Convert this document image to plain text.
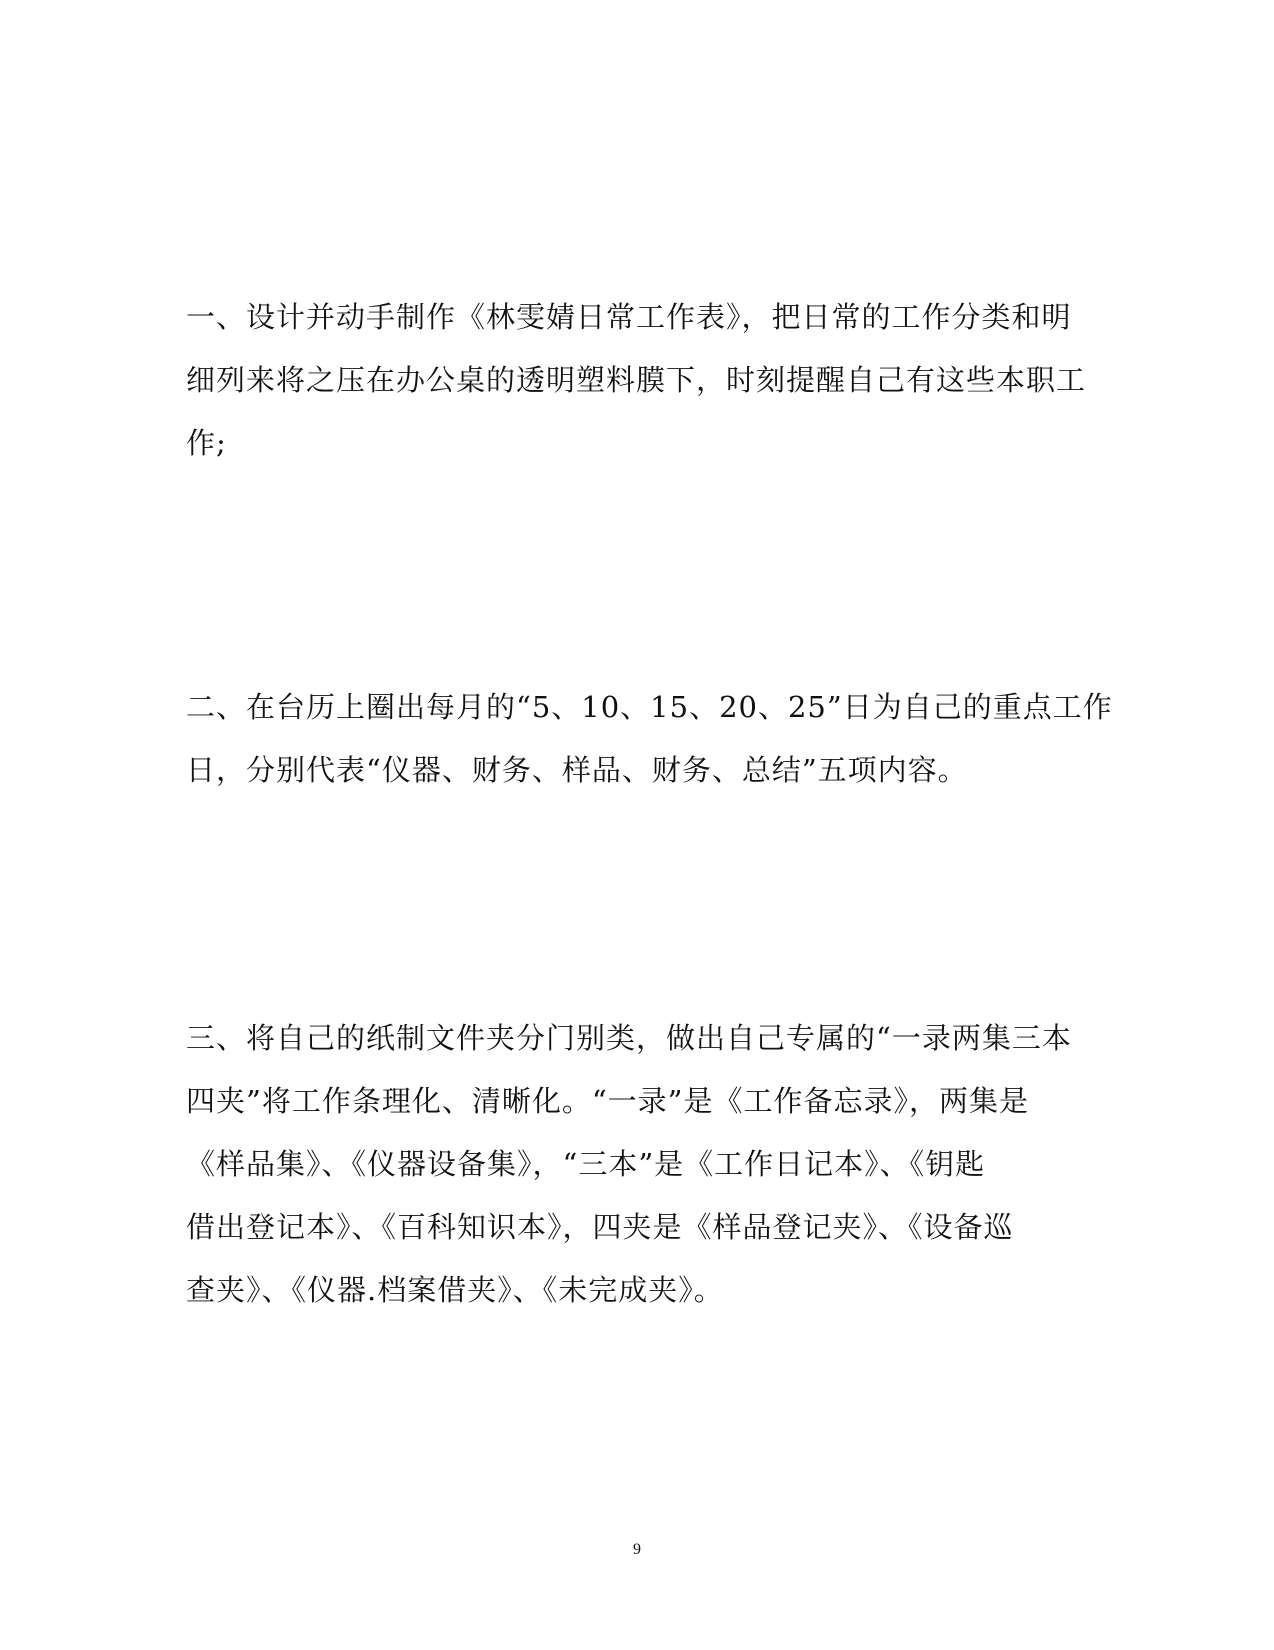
一、设计并动手制作《林雯婧日常工作表》，把日常的工作分类和明
细列来将之压在办公桌的透明塑料膜下，时刻提醒自己有这些本职工
作;

二、在台历上圈出每月的“5、10、15、20、25”日为自己的重点工作
日，分别代表“仪器、财务、样品、财务、总结”五项内容。

三、将自己的纸制文件夹分门别类，做出自己专属的“一录两集三本
四夹”将工作条理化、清晰化。“一录”是《工作备忘录》，两集是
《样品集》、《仪器设备集》，“三本”是《工作日记本》、《钥匙
借出登记本》、《百科知识本》，四夹是《样品登记夹》、《设备巡
查夹》、《仪器.档案借夹》、《未完成夹》。

9
